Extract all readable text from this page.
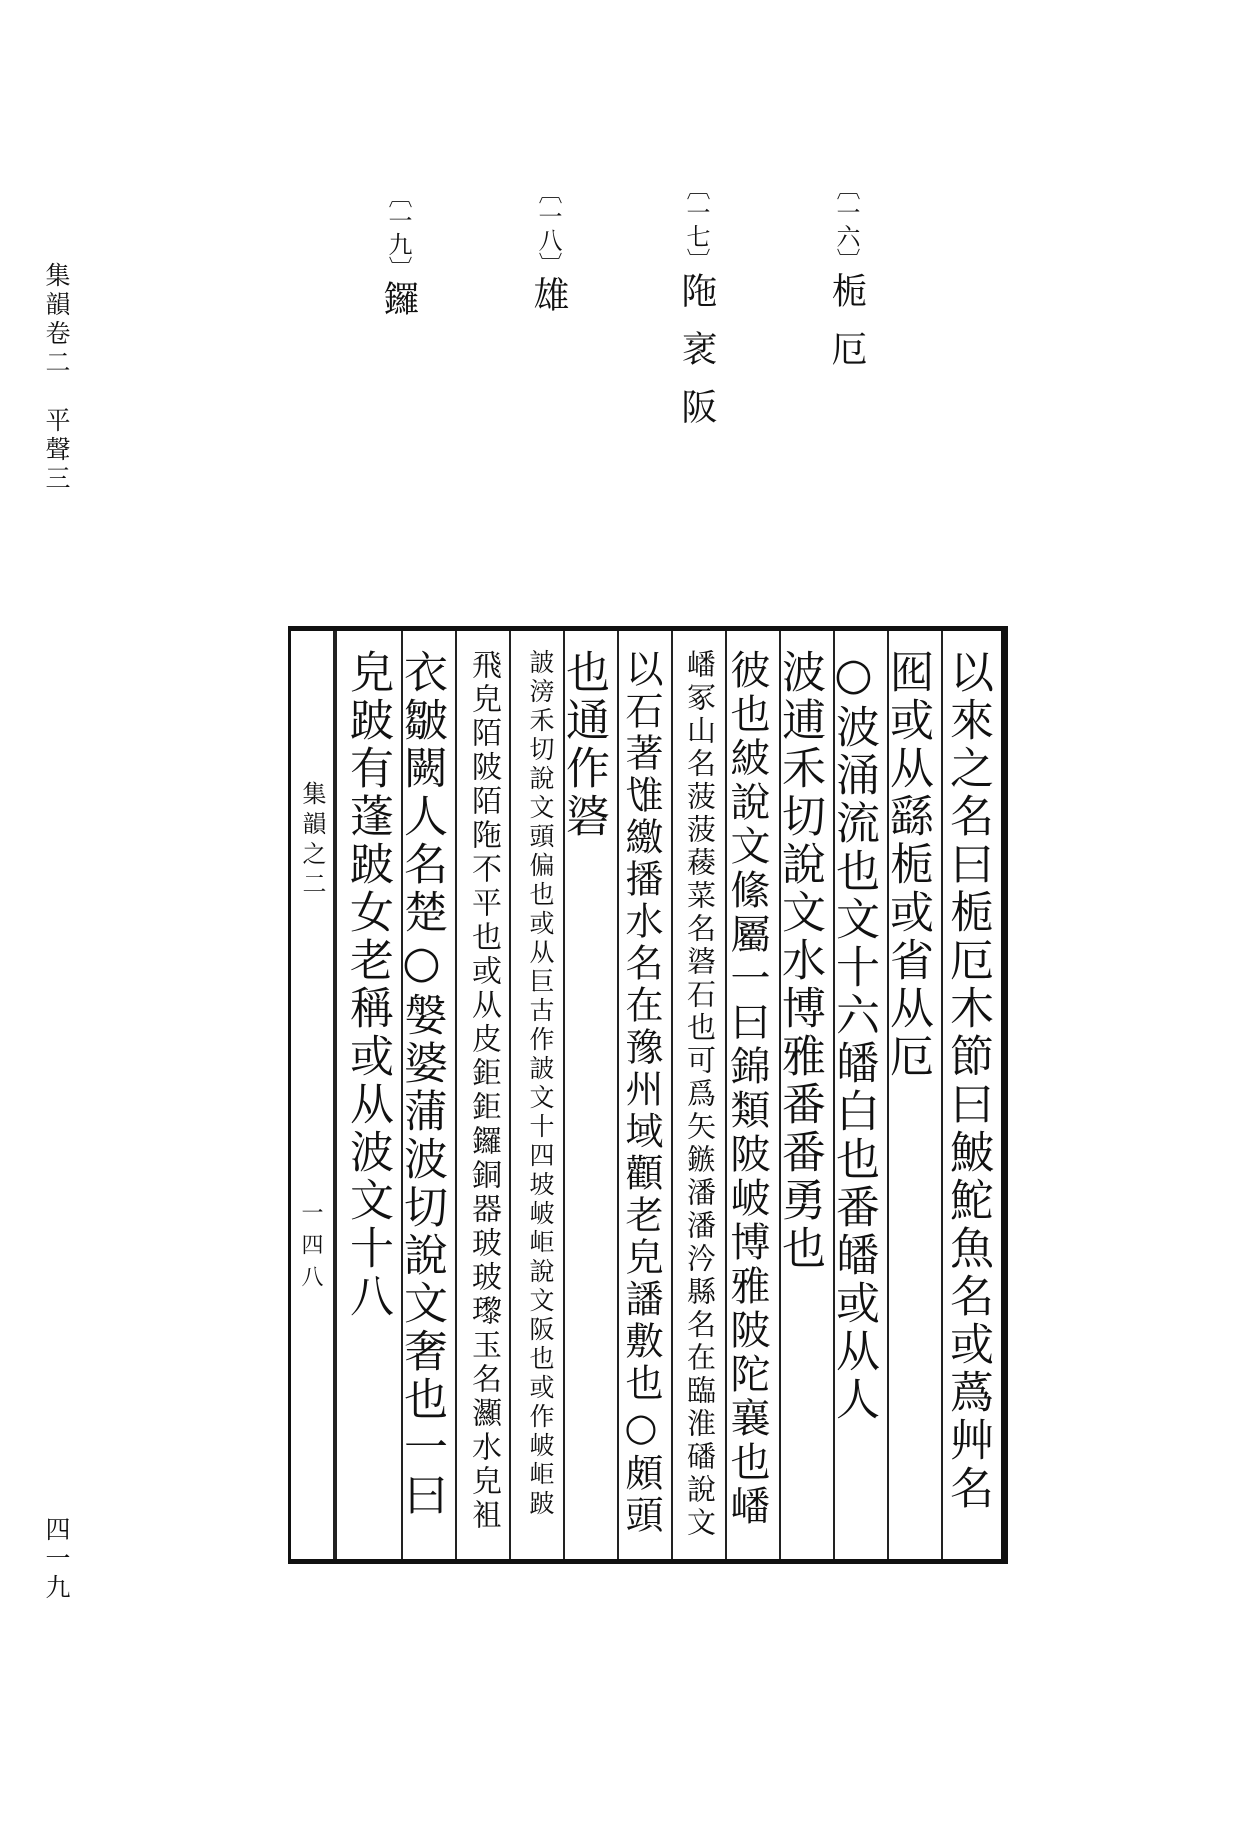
集韻卷二　平聲三
〔一六〕栀厄
〔一七〕陁衺阪
〔一八〕雄
〔一九〕鑼
集韻之二
一四八	以來之名曰栀厄木節曰鮍鮀魚名或蔿艸名
囮或从繇栀或省从厄
○波涌流也文十六皤白也番皤或从人
波逋禾切說文水博雅番番勇也
彼也紴說文絛屬一曰錦類陂岥博雅陂陀襄也嶓
嶓冢山名菠菠薐菜名碆石也可爲矢鏃潘潘汵縣名在臨淮磻說文
以石著隿繳播水名在豫州域顴老皃譒敷也○頗頭
也通作碆
詖滂禾切說文頭偏也或从巨古作詖文十四坡岥岠說文阪也或作岥岠跛
飛皃陌陂陌陁不平也或从皮鉅鉅鑼銅器玻玻瓈玉名灦水皃袓
衣皺闕人名楚○媻婆蒲波切說文奢也一曰
皃跛有蓬跛女老稱或从波文十八
四一九
